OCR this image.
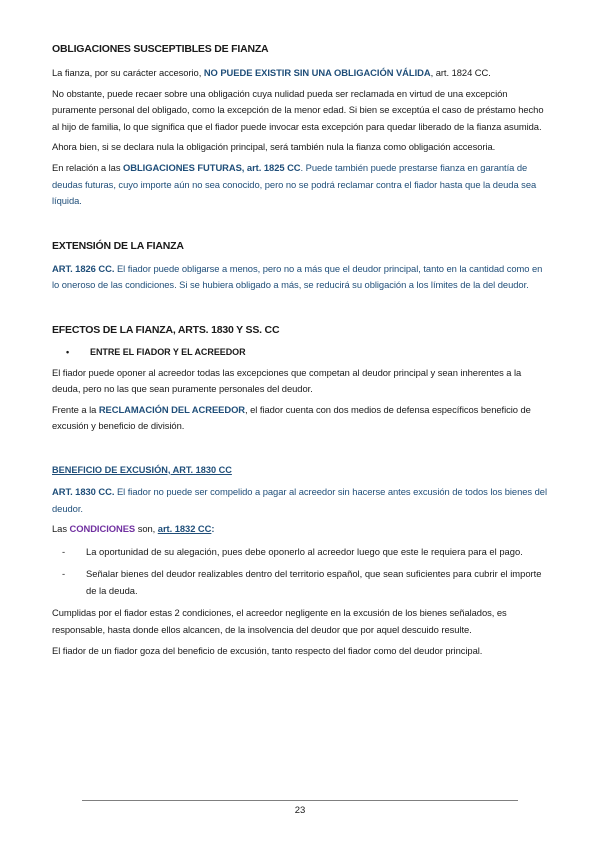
OBLIGACIONES SUSCEPTIBLES DE FIANZA

La fianza, por su carácter accesorio, NO PUEDE EXISTIR SIN UNA OBLIGACIÓN VÁLIDA, art. 1824 CC.

No obstante, puede recaer sobre una obligación cuya nulidad pueda ser reclamada en virtud de una excepción puramente personal del obligado, como la excepción de la menor edad. Si bien se exceptúa el caso de préstamo hecho al hijo de familia, lo que significa que el fiador puede invocar esta excepción para quedar liberado de la fianza asumida.

Ahora bien, si se declara nula la obligación principal, será también nula la fianza como obligación accesoria.

En relación a las OBLIGACIONES FUTURAS, art. 1825 CC. Puede también puede prestarse fianza en garantía de deudas futuras, cuyo importe aún no sea conocido, pero no se podrá reclamar contra el fiador hasta que la deuda sea líquida.

EXTENSIÓN DE LA FIANZA

ART. 1826 CC. El fiador puede obligarse a menos, pero no a más que el deudor principal, tanto en la cantidad como en lo oneroso de las condiciones. Si se hubiera obligado a más, se reducirá su obligación a los límites de la del deudor.

EFECTOS DE LA FIANZA, ARTS. 1830 Y SS. CC

•	ENTRE EL FIADOR Y EL ACREEDOR

El fiador puede oponer al acreedor todas las excepciones que competan al deudor principal y sean inherentes a la deuda, pero no las que sean puramente personales del deudor.

Frente a la RECLAMACIÓN DEL ACREEDOR, el fiador cuenta con dos medios de defensa específicos beneficio de excusión y beneficio de división.

BENEFICIO DE EXCUSIÓN, ART. 1830 CC

ART. 1830 CC. El fiador no puede ser compelido a pagar al acreedor sin hacerse antes excusión de todos los bienes del deudor.

Las CONDICIONES son, art. 1832 CC:

-	La oportunidad de su alegación, pues debe oponerlo al acreedor luego que este le requiera para el pago.
-	Señalar bienes del deudor realizables dentro del territorio español, que sean suficientes para cubrir el importe de la deuda.

Cumplidas por el fiador estas 2 condiciones, el acreedor negligente en la excusión de los bienes señalados, es responsable, hasta donde ellos alcancen, de la insolvencia del deudor que por aquel descuido resulte.

El fiador de un fiador goza del beneficio de excusión, tanto respecto del fiador como del deudor principal.

23
